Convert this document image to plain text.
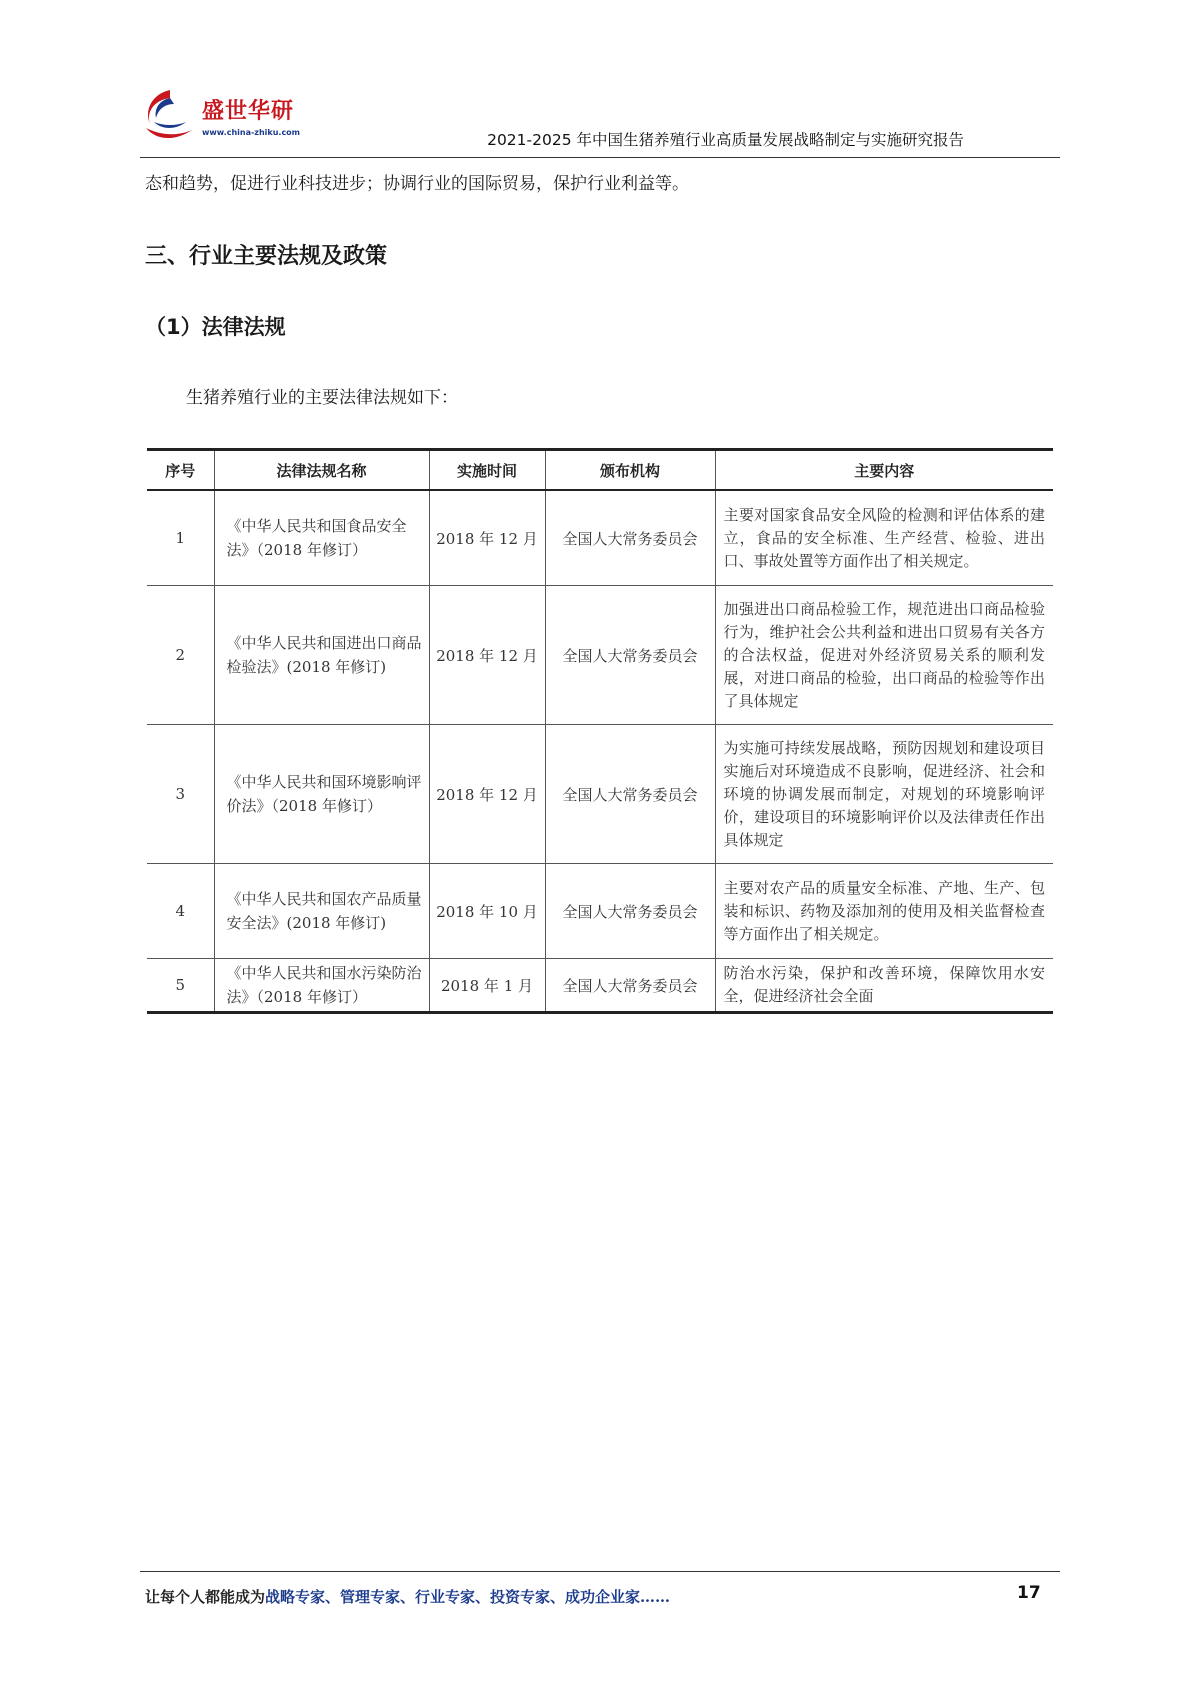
盛世华研
www.china-zhiku.com	2021-2025 年中国生猪养殖行业高质量发展战略制定与实施研究报告
态和趋势，促进行业科技进步；协调行业的国际贸易，保护行业利益等。
三、行业主要法规及政策
（1）法律法规
生猪养殖行业的主要法律法规如下：
序号	法律法规名称	实施时间	颁布机构	主要内容
1	《中华人民共和国食品安全法》（2018 年修订）	2018 年 12 月	全国人大常务委员会	主要对国家食品安全风险的检测和评估体系的建立，食品的安全标准、生产经营、检验、进出口、事故处置等方面作出了相关规定。
2	《中华人民共和国进出口商品检验法》(2018 年修订)	2018 年 12 月	全国人大常务委员会	加强进出口商品检验工作，规范进出口商品检验行为，维护社会公共利益和进出口贸易有关各方的合法权益，促进对外经济贸易关系的顺利发展，对进口商品的检验，出口商品的检验等作出了具体规定
3	《中华人民共和国环境影响评价法》（2018 年修订）	2018 年 12 月	全国人大常务委员会	为实施可持续发展战略，预防因规划和建设项目实施后对环境造成不良影响，促进经济、社会和环境的协调发展而制定，对规划的环境影响评价，建设项目的环境影响评价以及法律责任作出具体规定
4	《中华人民共和国农产品质量安全法》(2018 年修订)	2018 年 10 月	全国人大常务委员会	主要对农产品的质量安全标准、产地、生产、包装和标识、药物及添加剂的使用及相关监督检查等方面作出了相关规定。
5	《中华人民共和国水污染防治法》（2018 年修订）	2018 年 1 月	全国人大常务委员会	防治水污染，保护和改善环境，保障饮用水安全，促进经济社会全面
让每个人都能成为战略专家、管理专家、行业专家、投资专家、成功企业家……	17
